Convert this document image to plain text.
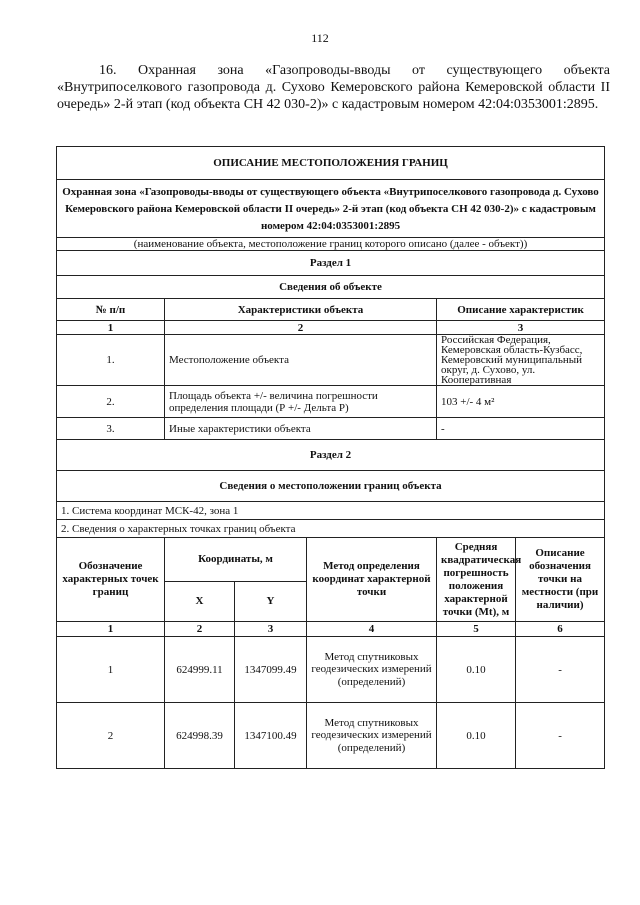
112
16. Охранная зона «Газопроводы-вводы от существующего объекта «Внутрипоселкового газопровода д. Сухово Кемеровского района Кемеровской области II очередь» 2-й этап (код объекта СН 42 030-2)» с кадастровым номером 42:04:0353001:2895.
ОПИСАНИЕ МЕСТОПОЛОЖЕНИЯ ГРАНИЦ					
Охранная зона «Газопроводы-вводы от существующего объекта «Внутрипоселкового газопровода д. Сухово Кемеровского района Кемеровской области II очередь» 2-й этап (код объекта СН 42 030-2)» с кадастровым номером 42:04:0353001:2895					
(наименование объекта, местоположение границ которого описано (далее - объект))					
Раздел 1					
Сведения об объекте					
№ п/п	Характеристики объекта			Описание характеристик	
1	2			3	
1.	Местоположение объекта			Российская Федерация, Кемеровская область-Кузбасс, Кемеровский муниципальный округ, д. Сухово, ул. Кооперативная	
2.	Площадь объекта +/- величина погрешности определения площади (Р +/- Дельта Р)			103 +/- 4 м²	
3.	Иные характеристики объекта			-	
Раздел 2					
Сведения о местоположении границ объекта					
1. Система координат МСК-42, зона 1					
2. Сведения о характерных точках границ объекта					
Обозначение характерных точек границ	Координаты, м		Метод определения координат характерной точки	Средняя квадратическая погрешность положения характерной точки (Mt), м	Описание обозначения точки на местности (при наличии)
	X	Y			
1	2	3	4	5	6
1	624999.11	1347099.49	Метод спутниковых геодезических измерений (определений)	0.10	-
2	624998.39	1347100.49	Метод спутниковых геодезических измерений (определений)	0.10	-
